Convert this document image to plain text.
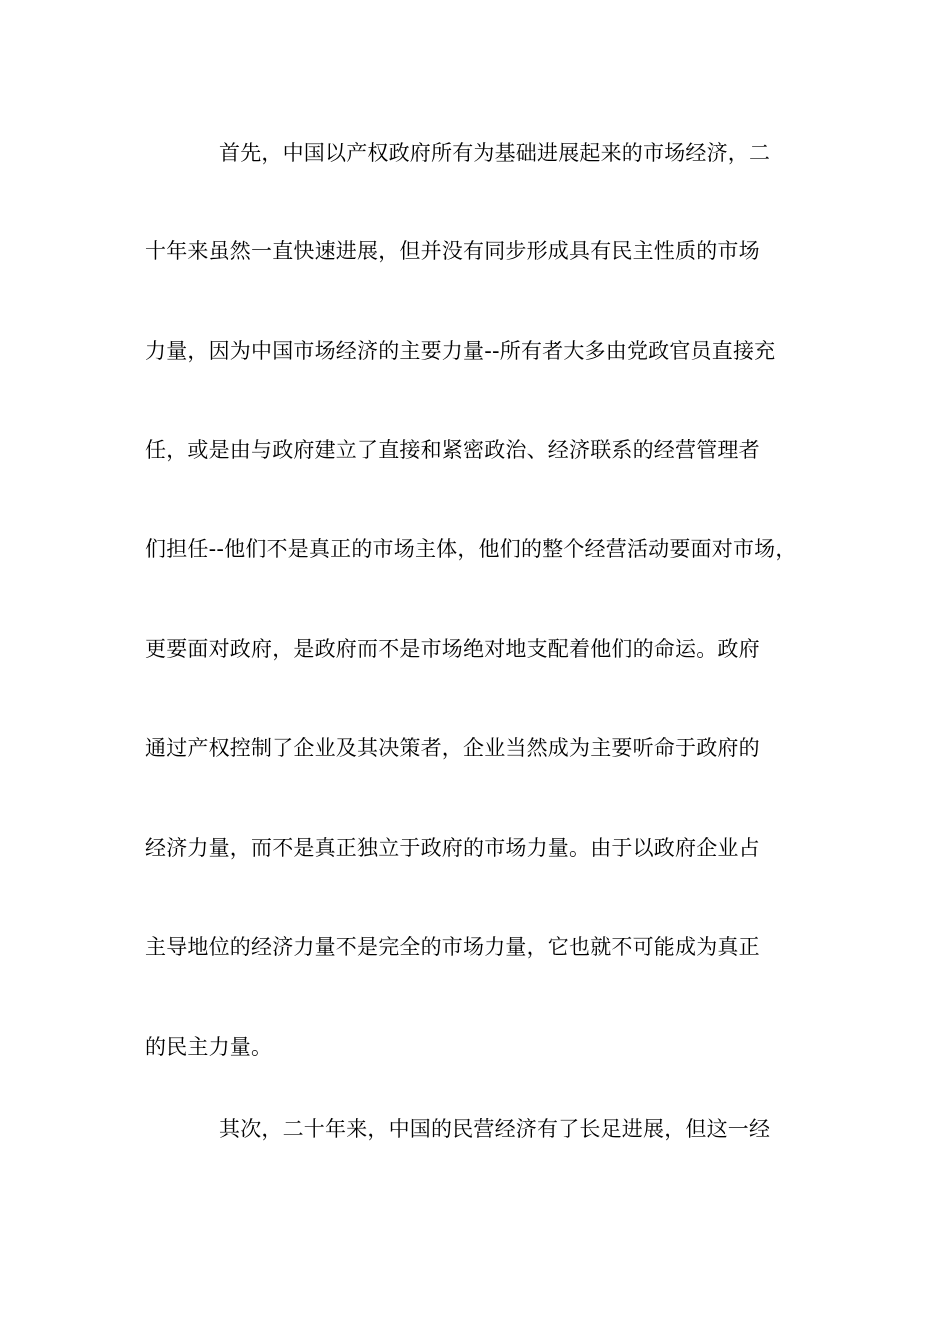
首先，中国以产权政府所有为基础进展起来的市场经济，二
十年来虽然一直快速进展，但并没有同步形成具有民主性质的市场
力量，因为中国市场经济的主要力量--所有者大多由党政官员直接充
任，或是由与政府建立了直接和紧密政治、经济联系的经营管理者
们担任--他们不是真正的市场主体，他们的整个经营活动要面对市场，
更要面对政府，是政府而不是市场绝对地支配着他们的命运。政府
通过产权控制了企业及其决策者，企业当然成为主要听命于政府的
经济力量，而不是真正独立于政府的市场力量。由于以政府企业占
主导地位的经济力量不是完全的市场力量，它也就不可能成为真正
的民主力量。
其次，二十年来，中国的民营经济有了长足进展，但这一经
